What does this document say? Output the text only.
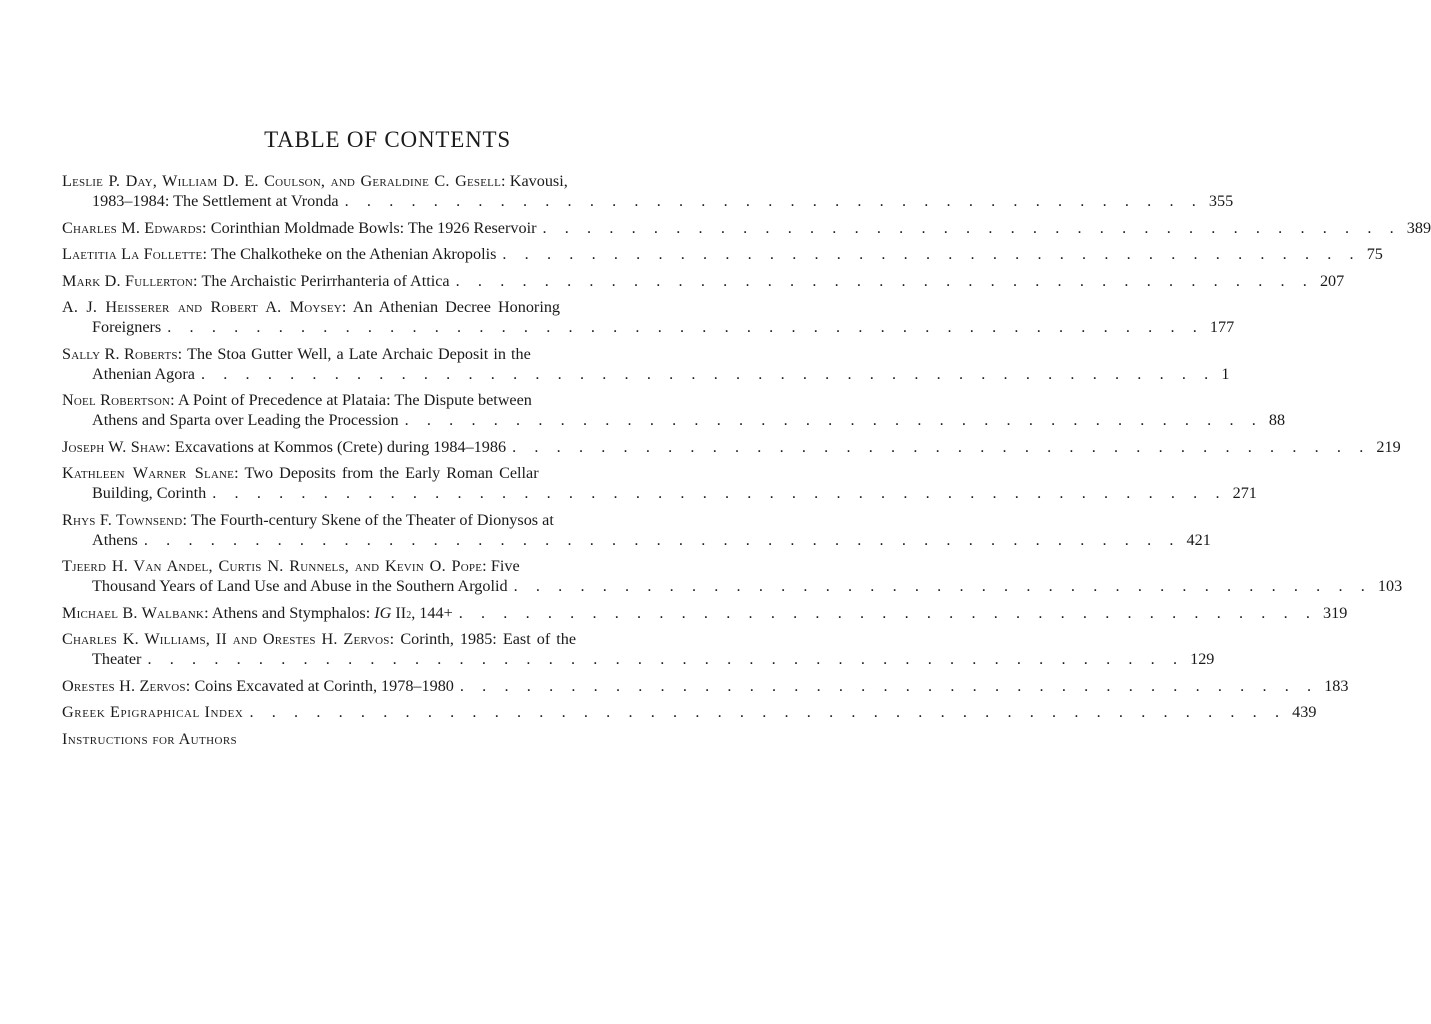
TABLE OF CONTENTS
Leslie P. Day, William D. E. Coulson, and Geraldine C. Gesell: Kavousi,
1983–1984: The Settlement at Vronda . . . . . . . . . . . . . . . . . . . . . . . . . . . . . . . . . . . . . . . 355
Charles M. Edwards: Corinthian Moldmade Bowls: The 1926 Reservoir . . . . . . . . . . . . . . . . . . . . . . . . . . . . . . . . . . . . . . . 389
Laetitia La Follette: The Chalkotheke on the Athenian Akropolis . . . . . . . . . . . . . . . . . . . . . . . . . . . . . . . . . . . . . . . 75
Mark D. Fullerton: The Archaistic Perirrhanteria of Attica . . . . . . . . . . . . . . . . . . . . . . . . . . . . . . . . . . . . . . . 207
A. J. Heisserer and Robert A. Moysey: An Athenian Decree Honoring
Foreigners . . . . . . . . . . . . . . . . . . . . . . . . . . . . . . . . . . . . . . . . . . . . . . . 177
Sally R. Roberts: The Stoa Gutter Well, a Late Archaic Deposit in the
Athenian Agora . . . . . . . . . . . . . . . . . . . . . . . . . . . . . . . . . . . . . . . . . . . . . . 1
Noel Robertson: A Point of Precedence at Plataia: The Dispute between
Athens and Sparta over Leading the Procession . . . . . . . . . . . . . . . . . . . . . . . . . . . . . . . . . . . . . . . 88
Joseph W. Shaw: Excavations at Kommos (Crete) during 1984–1986 . . . . . . . . . . . . . . . . . . . . . . . . . . . . . . . . . . . . . . . 219
Kathleen Warner Slane: Two Deposits from the Early Roman Cellar
Building, Corinth . . . . . . . . . . . . . . . . . . . . . . . . . . . . . . . . . . . . . . . . . . . . . . 271
Rhys F. Townsend: The Fourth-century Skene of the Theater of Dionysos at
Athens . . . . . . . . . . . . . . . . . . . . . . . . . . . . . . . . . . . . . . . . . . . . . . . 421
Tjeerd H. Van Andel, Curtis N. Runnels, and Kevin O. Pope: Five
Thousand Years of Land Use and Abuse in the Southern Argolid . . . . . . . . . . . . . . . . . . . . . . . . . . . . . . . . . . . . . . . 103
Michael B. Walbank: Athens and Stymphalos: IG II 2 , 144+ . . . . . . . . . . . . . . . . . . . . . . . . . . . . . . . . . . . . . . . 319
Charles K. Williams, II and Orestes H. Zervos: Corinth, 1985: East of the
Theater . . . . . . . . . . . . . . . . . . . . . . . . . . . . . . . . . . . . . . . . . . . . . . . 129
Orestes H. Zervos: Coins Excavated at Corinth, 1978–1980 . . . . . . . . . . . . . . . . . . . . . . . . . . . . . . . . . . . . . . . 183
Greek Epigraphical Index . . . . . . . . . . . . . . . . . . . . . . . . . . . . . . . . . . . . . . . . . . . . . . . 439
Instructions for Authors
